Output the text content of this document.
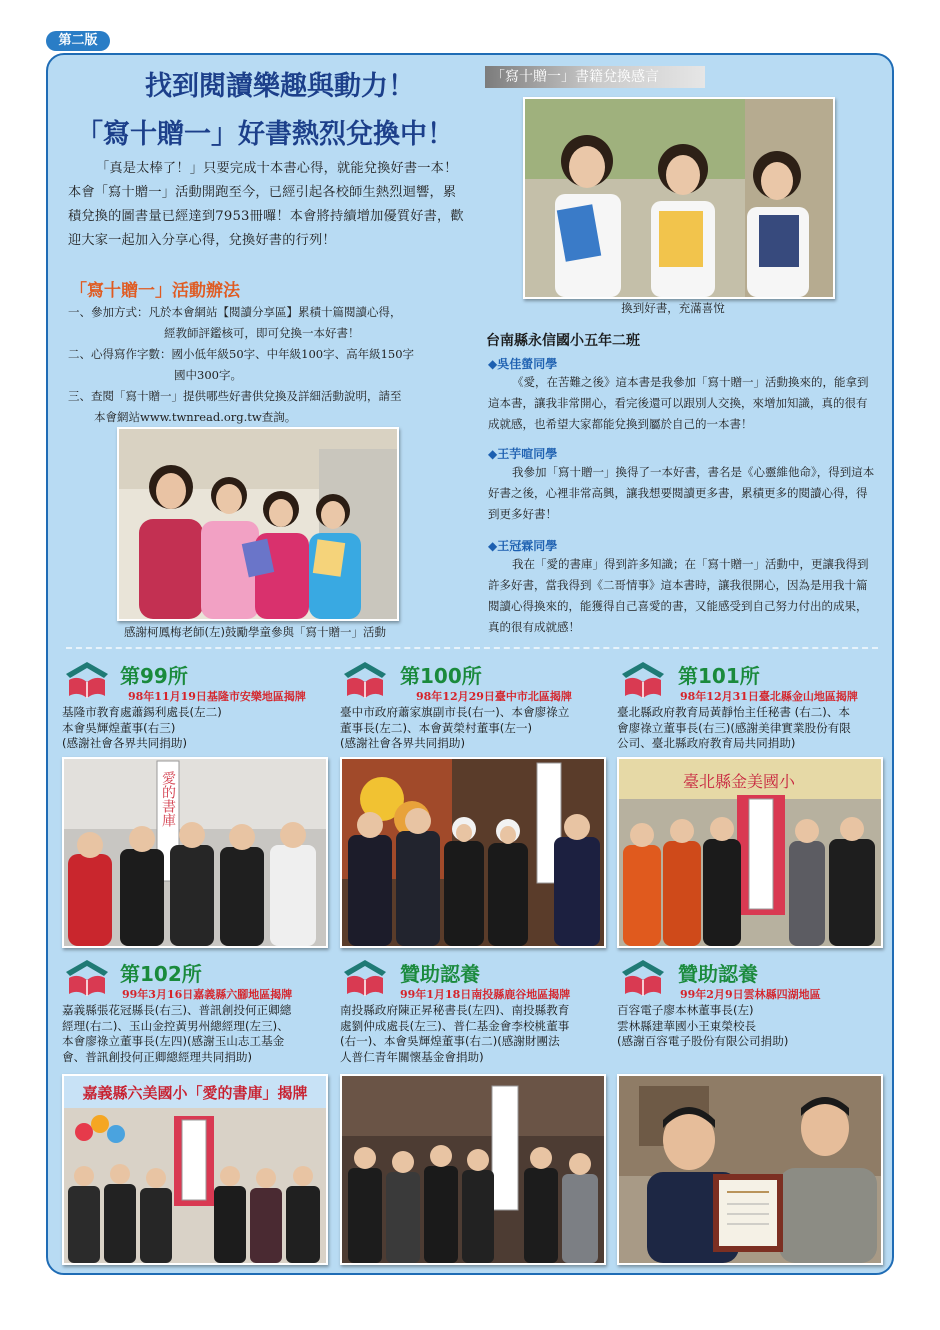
第二版
找到閱讀樂趣與動力！
「寫十贈一」好書熱烈兌換中！
「真是太棒了！」只要完成十本書心得，就能兌換好書一本！本會「寫十贈一」活動開跑至今，已經引起各校師生熱烈迴響，累積兌換的圖書量已經達到7953冊囉！本會將持續增加優質好書，歡迎大家一起加入分享心得，兌換好書的行列！
「寫十贈一」活動辦法
一、參加方式：凡於本會網站【閱讀分享區】累積十篇閱讀心得，
經教師評鑑核可，即可兌換一本好書！
二、心得寫作字數：國小低年級50字、中年級100字、高年級150字
國中300字。
三、查閱「寫十贈一」提供哪些好書供兌換及詳細活動說明，請至
本會網站www.twnread.org.tw查詢。
感謝柯鳳梅老師(左)鼓勵學童參與「寫十贈一」活動
「寫十贈一」書籍兌換感言
換到好書，充滿喜悅
台南縣永信國小五年二班
◆吳佳螢同學
《愛，在苦難之後》這本書是我參加「寫十贈一」活動換來的，能拿到這本書，讓我非常開心，看完後還可以跟別人交換，來增加知識，真的很有成就感，也希望大家都能兌換到屬於自己的一本書！
◆王芋喧同學
我參加「寫十贈一」換得了一本好書，書名是《心靈維他命》，得到這本好書之後，心裡非常高興，讓我想要閱讀更多書，累積更多的閱讀心得，得到更多好書！
◆王冠霖同學
我在「愛的書庫」得到許多知識；在「寫十贈一」活動中，更讓我得到許多好書，當我得到《二哥情事》這本書時，讓我很開心，因為是用我十篇閱讀心得換來的，能獲得自己喜愛的書，又能感受到自己努力付出的成果，真的很有成就感！
第99所
98年11月19日基隆市安樂地區揭牌
基隆市教育處蕭錫利處長(左二)
本會吳輝煌董事(右三)
(感謝社會各界共同捐助)
愛的書庫
第100所
98年12月29日臺中市北區揭牌
臺中市政府蕭家旗副市長(右一)、本會廖祿立
董事長(左二)、本會黃榮村董事(左一)
(感謝社會各界共同捐助)
第101所
98年12月31日臺北縣金山地區揭牌
臺北縣政府教育局黃靜怡主任秘書 (右二)、本
會廖祿立董事長(右三)(感謝美律實業股份有限
公司、臺北縣政府教育局共同捐助)
臺北縣金美國小
第102所
99年3月16日嘉義縣六腳地區揭牌
嘉義縣張花冠縣長(右三)、普訊創投何正卿總
經理(右二)、玉山金控黃男州總經理(左三)、
本會廖祿立董事長(左四)(感謝玉山志工基金
會、普訊創投何正卿總經理共同捐助)
嘉義縣六美國小「愛的書庫」揭牌
贊助認養
99年1月18日南投縣鹿谷地區揭牌
南投縣政府陳正昇秘書長(左四)、南投縣教育
處劉仲成處長(左三)、普仁基金會李校桃董事
(右一)、本會吳輝煌董事(右二)(感謝財團法
人普仁青年關懷基金會捐助)
贊助認養
99年2月9日雲林縣四湖地區
百容電子廖本林董事長(左)
雲林縣建華國小王東榮校長
(感謝百容電子股份有限公司捐助)
